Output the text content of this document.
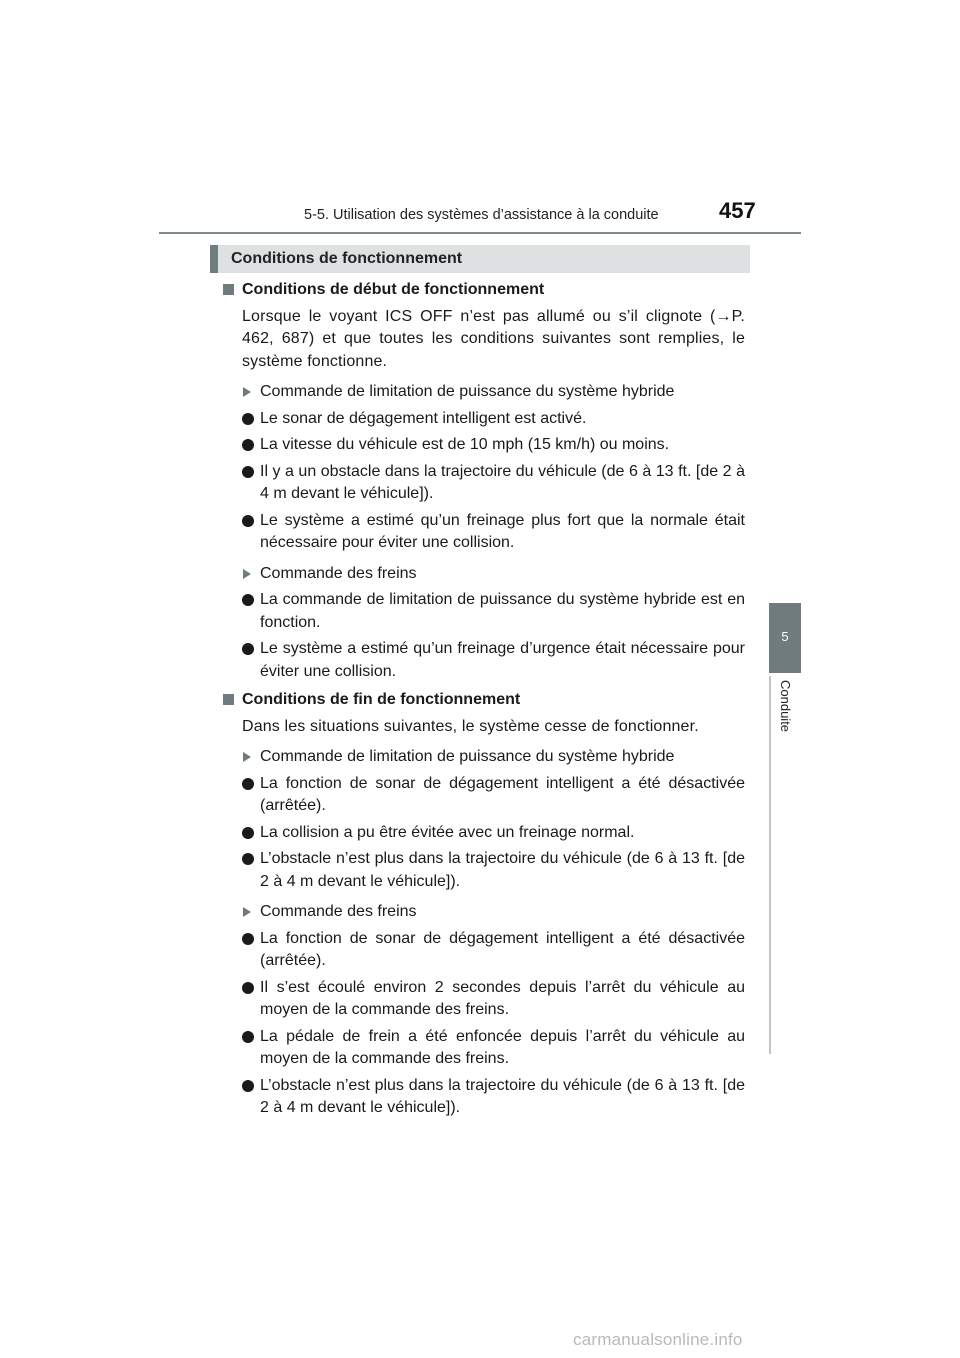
5-5. Utilisation des systèmes d’assistance à la conduite	457
5
Conduite
Conditions de fonctionnement
Conditions de début de fonctionnement

Lorsque le voyant ICS OFF n’est pas allumé ou s’il clignote (→P. 462, 687) et que toutes les conditions suivantes sont remplies, le système fonctionne.

Commande de limitation de puissance du système hybride
Le sonar de dégagement intelligent est activé.
La vitesse du véhicule est de 10 mph (15 km/h) ou moins.
Il y a un obstacle dans la trajectoire du véhicule (de 6 à 13 ft. [de 2 à 4 m devant le véhicule]).
Le système a estimé qu’un freinage plus fort que la normale était nécessaire pour éviter une collision.
Commande des freins
La commande de limitation de puissance du système hybride est en fonction.
Le système a estimé qu’un freinage d’urgence était nécessaire pour éviter une collision.
Conditions de fin de fonctionnement

Dans les situations suivantes, le système cesse de fonctionner.

Commande de limitation de puissance du système hybride
La fonction de sonar de dégagement intelligent a été désactivée (arrêtée).
La collision a pu être évitée avec un freinage normal.
L’obstacle n’est plus dans la trajectoire du véhicule (de 6 à 13 ft. [de 2 à 4 m devant le véhicule]).
Commande des freins
La fonction de sonar de dégagement intelligent a été désactivée (arrêtée).
Il s’est écoulé environ 2 secondes depuis l’arrêt du véhicule au moyen de la commande des freins.
La pédale de frein a été enfoncée depuis l’arrêt du véhicule au moyen de la commande des freins.
L’obstacle n’est plus dans la trajectoire du véhicule (de 6 à 13 ft. [de 2 à 4 m devant le véhicule]).
carmanualsonline.info
